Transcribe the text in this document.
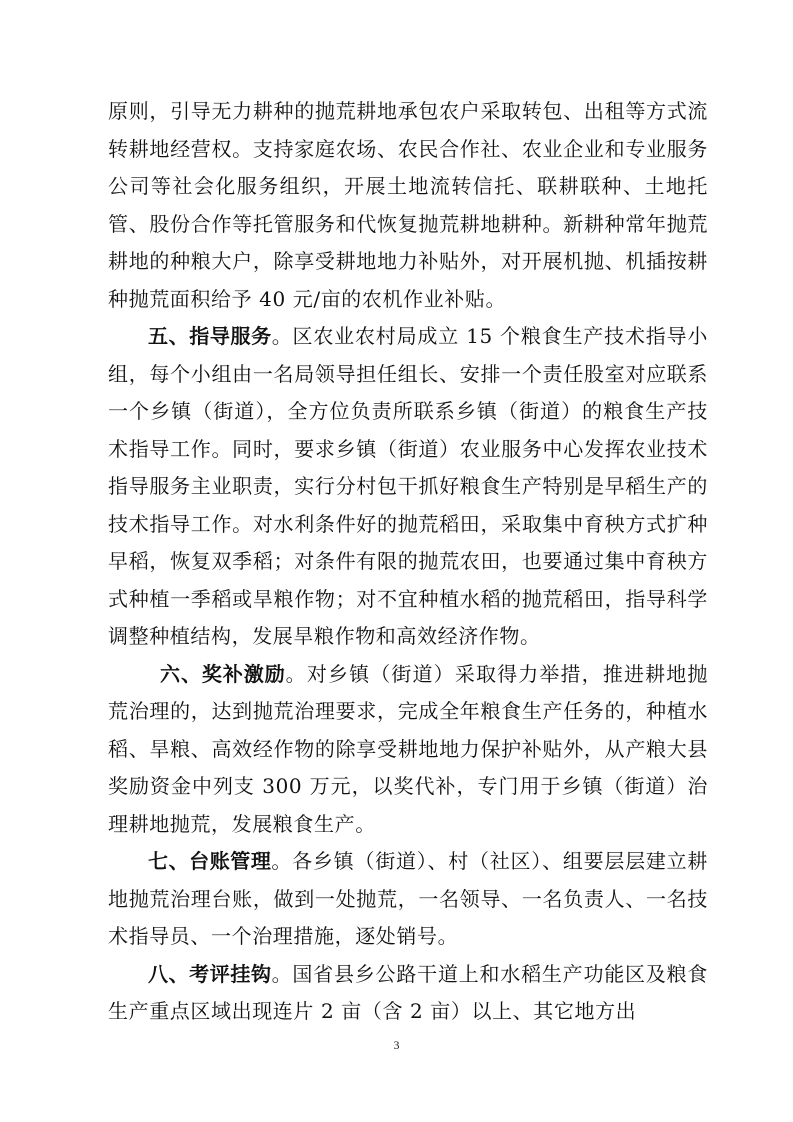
原则，引导无力耕种的抛荒耕地承包农户采取转包、出租等方式流转耕地经营权。支持家庭农场、农民合作社、农业企业和专业服务公司等社会化服务组织，开展土地流转信托、联耕联种、土地托管、股份合作等托管服务和代恢复抛荒耕地耕种。新耕种常年抛荒耕地的种粮大户，除享受耕地地力补贴外，对开展机抛、机插按耕种抛荒面积给予 40 元/亩的农机作业补贴。

五、指导服务。区农业农村局成立 15 个粮食生产技术指导小组，每个小组由一名局领导担任组长、安排一个责任股室对应联系一个乡镇（街道），全方位负责所联系乡镇（街道）的粮食生产技术指导工作。同时，要求乡镇（街道）农业服务中心发挥农业技术指导服务主业职责，实行分村包干抓好粮食生产特别是早稻生产的技术指导工作。对水利条件好的抛荒稻田，采取集中育秧方式扩种早稻，恢复双季稻；对条件有限的抛荒农田，也要通过集中育秧方式种植一季稻或旱粮作物；对不宜种植水稻的抛荒稻田，指导科学调整种植结构，发展旱粮作物和高效经济作物。

六、奖补激励。对乡镇（街道）采取得力举措，推进耕地抛荒治理的，达到抛荒治理要求，完成全年粮食生产任务的，种植水稻、旱粮、高效经作物的除享受耕地地力保护补贴外，从产粮大县奖励资金中列支 300 万元，以奖代补，专门用于乡镇（街道）治理耕地抛荒，发展粮食生产。

七、台账管理。各乡镇（街道）、村（社区）、组要层层建立耕地抛荒治理台账，做到一处抛荒，一名领导、一名负责人、一名技术指导员、一个治理措施，逐处销号。

八、考评挂钩。国省县乡公路干道上和水稻生产功能区及粮食生产重点区域出现连片 2 亩（含 2 亩）以上、其它地方出

3
